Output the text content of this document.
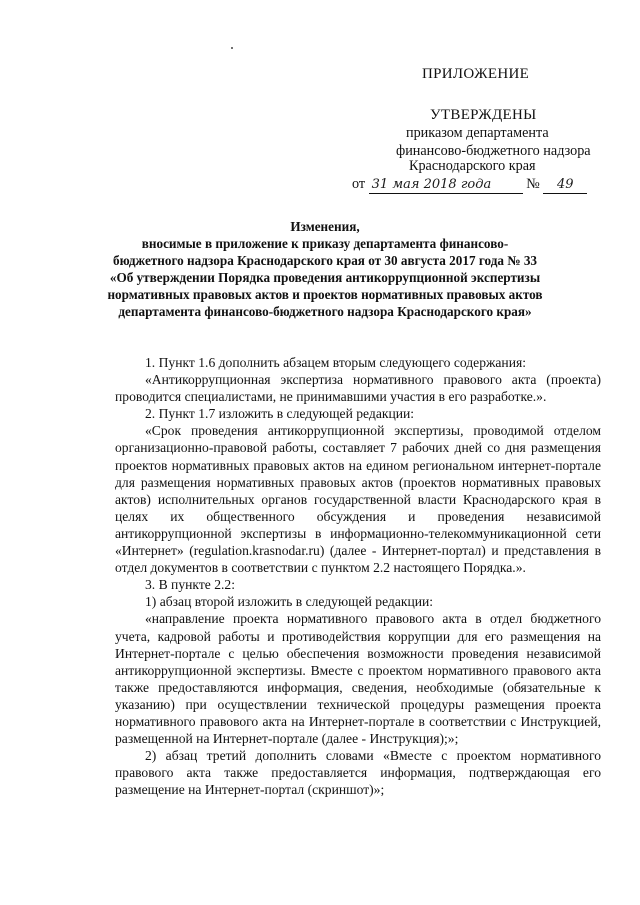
ПРИЛОЖЕНИЕ
УТВЕРЖДЕНЫ
приказом департамента
финансово-бюджетного надзора
Краснодарского края
от 31 мая 2018 года № 49
Изменения,
вносимые в приложение к приказу департамента финансово-
бюджетного надзора Краснодарского края от 30 августа 2017 года № 33
«Об утверждении Порядка проведения антикоррупционной экспертизы
нормативных правовых актов и проектов нормативных правовых актов
департамента финансово-бюджетного надзора Краснодарского края»

1. Пункт 1.6 дополнить абзацем вторым следующего содержания:

«Антикоррупционная экспертиза нормативного правового акта (проекта) проводится специалистами, не принимавшими участия в его разработке.».

2. Пункт 1.7 изложить в следующей редакции:

«Срок проведения антикоррупционной экспертизы, проводимой отделом организационно-правовой работы, составляет 7 рабочих дней со дня размещения проектов нормативных правовых актов на едином региональном интернет-портале для размещения нормативных правовых актов (проектов нормативных правовых актов) исполнительных органов государственной власти Краснодарского края в целях их общественного обсуждения и проведения независимой антикоррупционной экспертизы в информационно-телекоммуникационной сети «Интернет» (regulation.krasnodar.ru) (далее - Интернет-портал) и представления в отдел документов в соответствии с пунктом 2.2 настоящего Порядка.».

3. В пункте 2.2:

1) абзац второй изложить в следующей редакции:

«направление проекта нормативного правового акта в отдел бюджетного учета, кадровой работы и противодействия коррупции для его размещения на Интернет-портале с целью обеспечения возможности проведения независимой антикоррупционной экспертизы. Вместе с проектом нормативного правового акта также предоставляются информация, сведения, необходимые (обязательные к указанию) при осуществлении технической процедуры размещения проекта нормативного правового акта на Интернет-портале в соответствии с Инструкцией, размещенной на Интернет-портале (далее - Инструкция);»;

2) абзац третий дополнить словами «Вместе с проектом нормативного правового акта также предоставляется информация, подтверждающая его размещение на Интернет-портал (скриншот)»;
